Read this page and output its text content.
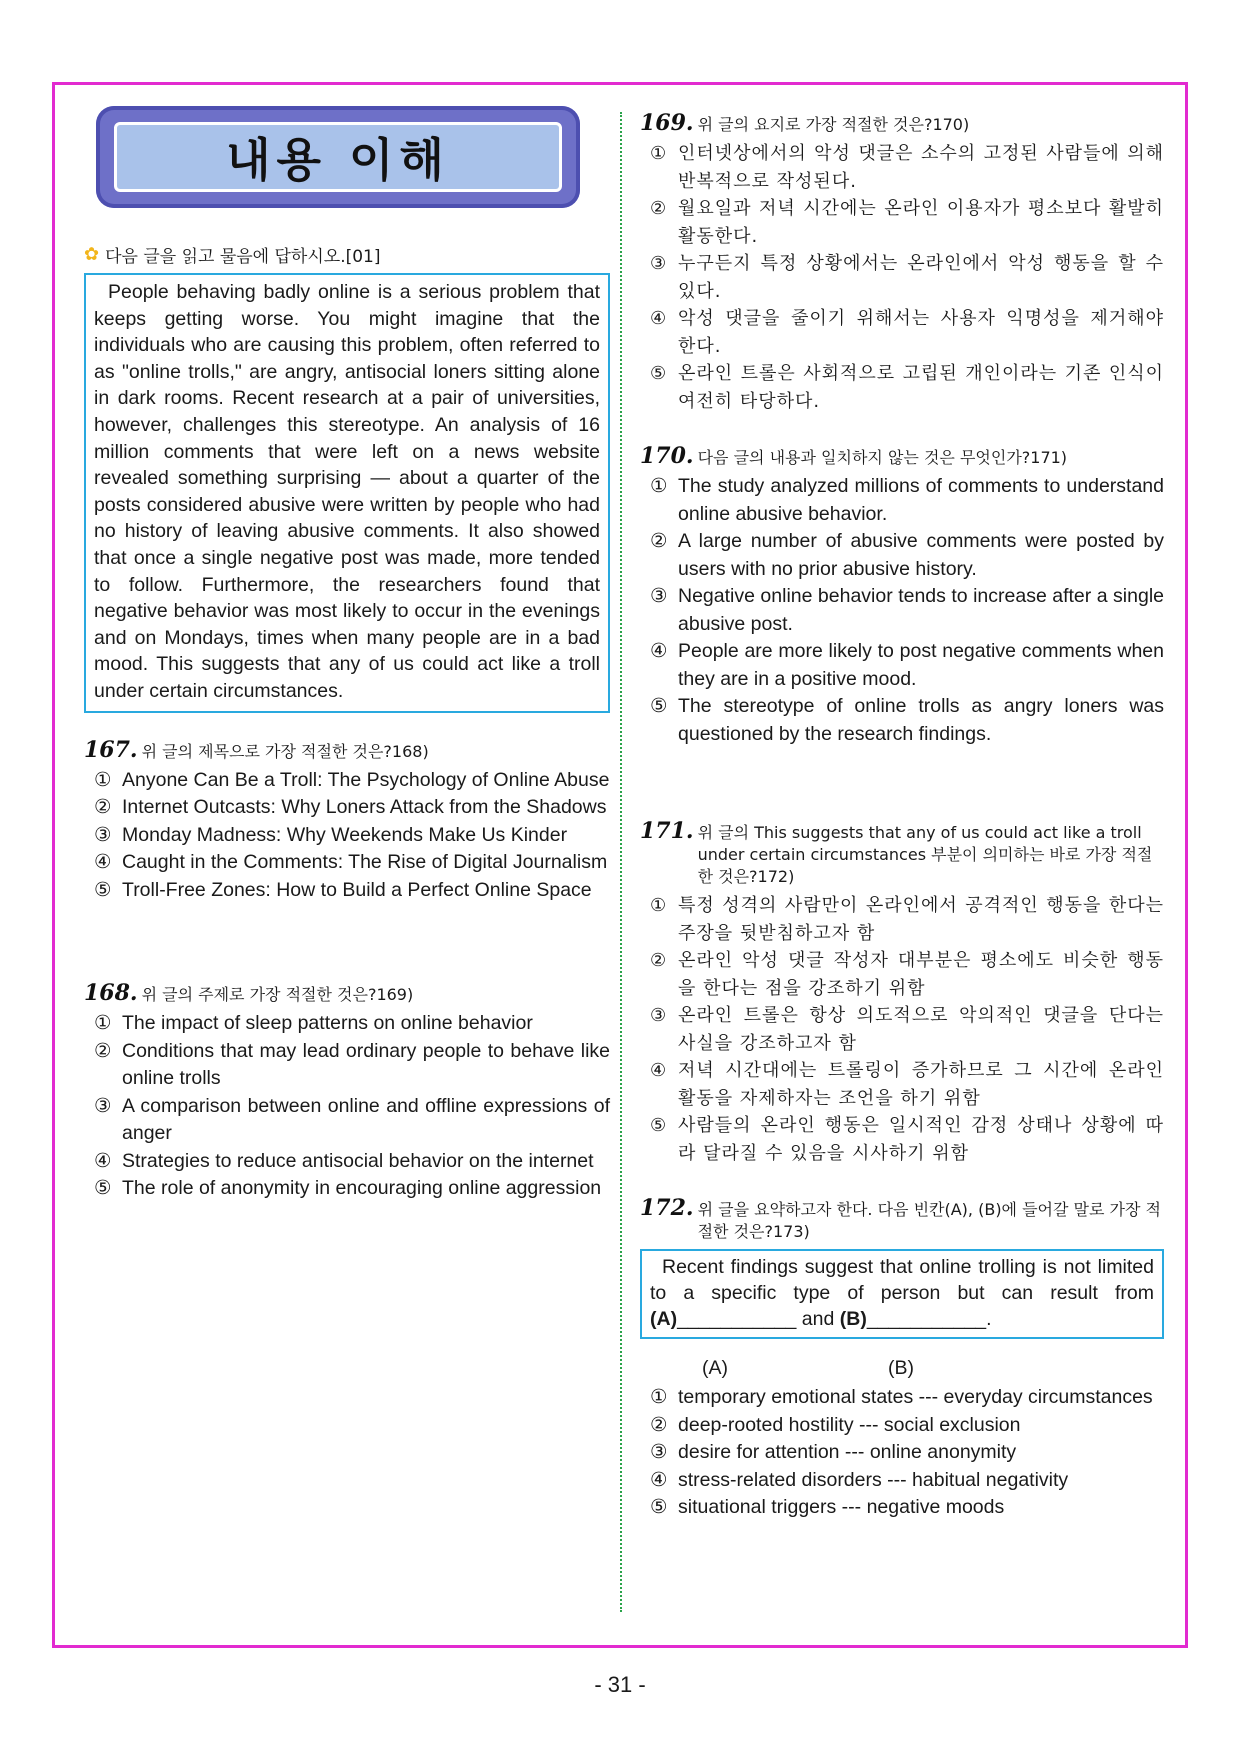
내용 이해
✿ 다음 글을 읽고 물음에 답하시오.[01]
People behaving badly online is a serious problem that keeps getting worse. You might imagine that the individuals who are causing this problem, often referred to as "online trolls," are angry, antisocial loners sitting alone in dark rooms. Recent research at a pair of universities, however, challenges this stereotype. An analysis of 16 million comments that were left on a news website revealed something surprising — about a quarter of the posts considered abusive were written by people who had no history of leaving abusive comments. It also showed that once a single negative post was made, more tended to follow. Furthermore, the researchers found that negative behavior was most likely to occur in the evenings and on Mondays, times when many people are in a bad mood. This suggests that any of us could act like a troll under certain circumstances.
167. 위 글의 제목으로 가장 적절한 것은?168)
① Anyone Can Be a Troll: The Psychology of Online Abuse
② Internet Outcasts: Why Loners Attack from the Shadows
③ Monday Madness: Why Weekends Make Us Kinder
④ Caught in the Comments: The Rise of Digital Journalism
⑤ Troll-Free Zones: How to Build a Perfect Online Space
168. 위 글의 주제로 가장 적절한 것은?169)
① The impact of sleep patterns on online behavior
② Conditions that may lead ordinary people to behave like online trolls
③ A comparison between online and offline expressions of anger
④ Strategies to reduce antisocial behavior on the internet
⑤ The role of anonymity in encouraging online aggression
169. 위 글의 요지로 가장 적절한 것은?170)
① 인터넷상에서의 악성 댓글은 소수의 고정된 사람들에 의해 반복적으로 작성된다.
② 월요일과 저녁 시간에는 온라인 이용자가 평소보다 활발히 활동한다.
③ 누구든지 특정 상황에서는 온라인에서 악성 행동을 할 수 있다.
④ 악성 댓글을 줄이기 위해서는 사용자 익명성을 제거해야 한다.
⑤ 온라인 트롤은 사회적으로 고립된 개인이라는 기존 인식이 여전히 타당하다.
170. 다음 글의 내용과 일치하지 않는 것은 무엇인가?171)
① The study analyzed millions of comments to understand online abusive behavior.
② A large number of abusive comments were posted by users with no prior abusive history.
③ Negative online behavior tends to increase after a single abusive post.
④ People are more likely to post negative comments when they are in a positive mood.
⑤ The stereotype of online trolls as angry loners was questioned by the research findings.
171. 위 글의 This suggests that any of us could act like a troll under certain circumstances 부분이 의미하는 바로 가장 적절한 것은?172)
① 특정 성격의 사람만이 온라인에서 공격적인 행동을 한다는 주장을 뒷받침하고자 함
② 온라인 악성 댓글 작성자 대부분은 평소에도 비슷한 행동을 한다는 점을 강조하기 위함
③ 온라인 트롤은 항상 의도적으로 악의적인 댓글을 단다는 사실을 강조하고자 함
④ 저녁 시간대에는 트롤링이 증가하므로 그 시간에 온라인 활동을 자제하자는 조언을 하기 위함
⑤ 사람들의 온라인 행동은 일시적인 감정 상태나 상황에 따라 달라질 수 있음을 시사하기 위함
172. 위 글을 요약하고자 한다. 다음 빈칸(A), (B)에 들어갈 말로 가장 적절한 것은?173)
Recent findings suggest that online trolling is not limited to a specific type of person but can result from (A)___________ and (B)___________.
(A)	(B)
① temporary emotional states --- everyday circumstances
② deep-rooted hostility --- social exclusion
③ desire for attention --- online anonymity
④ stress-related disorders --- habitual negativity
⑤ situational triggers --- negative moods
- 31 -
